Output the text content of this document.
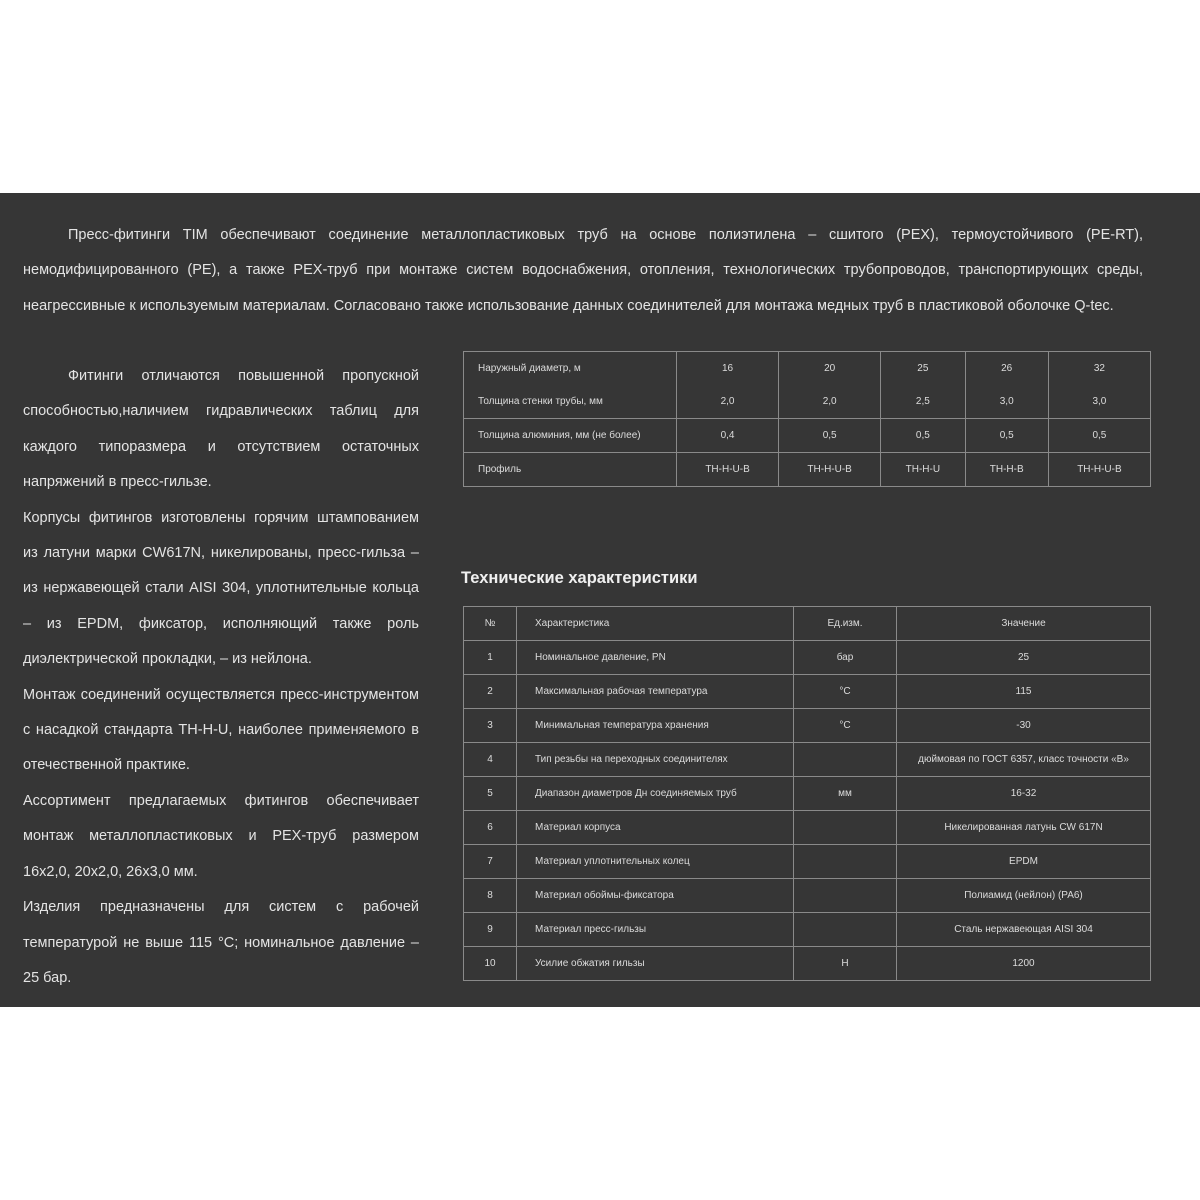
Пресс-фитинги TIM обеспечивают соединение металлопластиковых труб на основе полиэтилена – сшитого (PEX), термоустойчивого (PE-RT), немодифицированного (PE), а также PEX-труб при монтаже систем водоснабжения, отопления, технологических трубопроводов, транспортирующих среды, неагрессивные к используемым материалам. Согласовано также использование данных соединителей для монтажа медных труб в пластиковой оболочке Q-tec.

Фитинги отличаются повышенной пропускной способностью,наличием гидравлических таблиц для каждого типоразмера и отсутствием остаточных напряжений в пресс-гильзе.

Корпусы фитингов изготовлены горячим штампованием из латуни марки CW617N, никелированы, пресс-гильза – из нержавеющей стали AISI 304, уплотнительные кольца – из EPDM, фиксатор, исполняющий также роль диэлектрической прокладки, – из нейлона.

Монтаж соединений осуществляется пресс-инструментом с насадкой стандарта TH-H-U, наиболее применяемого в отечественной практике.

Ассортимент предлагаемых фитингов обеспечивает монтаж металлопластиковых и PEX-труб размером 16х2,0, 20х2,0, 26х3,0 мм.

Изделия предназначены для систем с рабочей температурой не выше 115 °С; номинальное давление – 25 бар.

Наружный диаметр, м	16	20	25	26	32
Толщина стенки трубы, мм	2,0	2,0	2,5	3,0	3,0
Толщина алюминия, мм (не более)	0,4	0,5	0,5	0,5	0,5
Профиль	TH-H-U-B	TH-H-U-B	TH-H-U	TH-H-B	TH-H-U-B
Технические характеристики
№	Характеристика	Ед.изм.	Значение
1	Номинальное давление, PN	бар	25
2	Максимальная рабочая температура	°С	115
3	Минимальная температура хранения	°С	-30
4	Тип резьбы на переходных соединителях		дюймовая по ГОСТ 6357, класс точности «В»
5	Диапазон диаметров Дн соединяемых труб	мм	16-32
6	Материал корпуса		Никелированная латунь CW 617N
7	Материал уплотнительных колец		EPDM
8	Материал обоймы-фиксатора		Полиамид (нейлон) (PA6)
9	Материал пресс-гильзы		Сталь нержавеющая AISI 304
10	Усилие обжатия гильзы	Н	1200
